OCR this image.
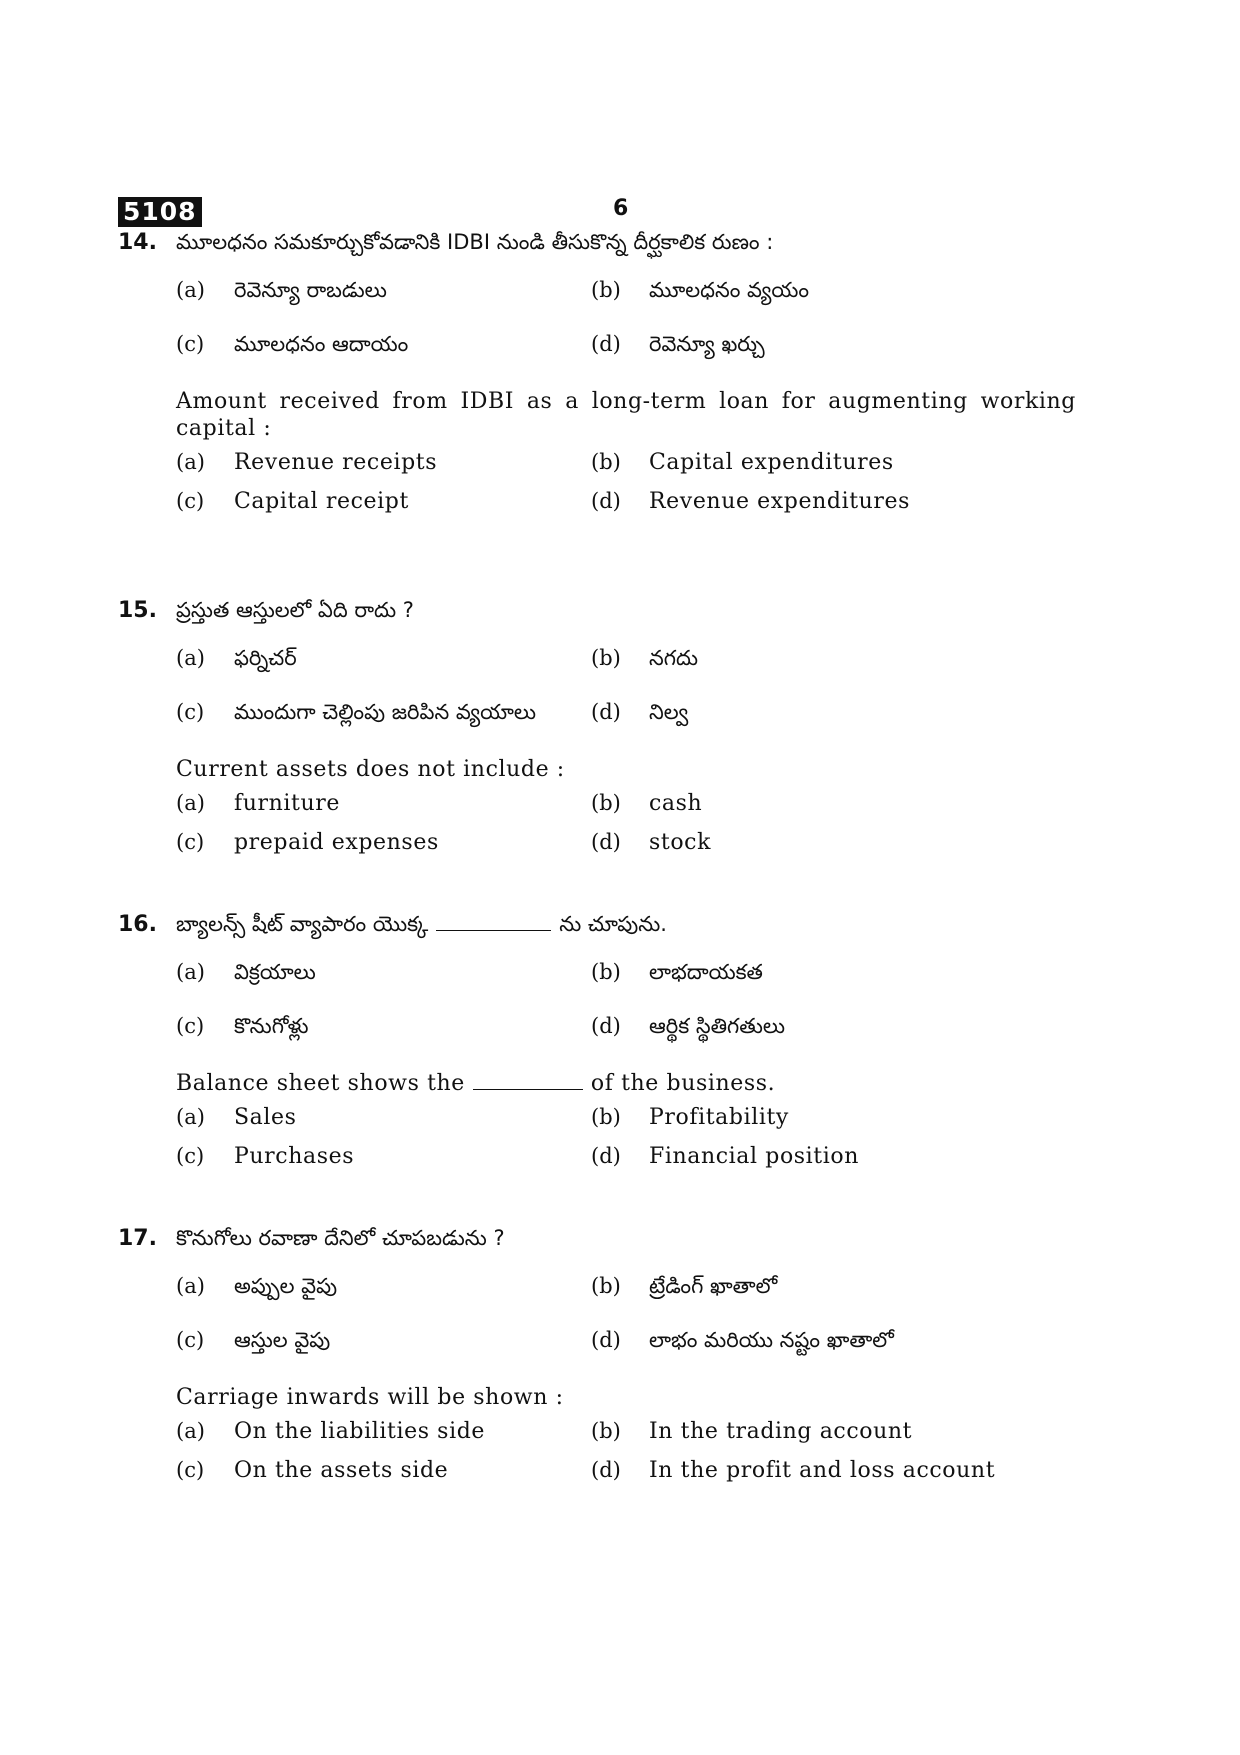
5108	6
14. మూలధనం సమకూర్చుకోవడానికి IDBI నుండి తీసుకొన్న దీర్ఘకాలిక రుణం :
(a)	రెవెన్యూ రాబడులు	(b)	మూలధనం వ్యయం
(c)	మూలధనం ఆదాయం	(d)	రెవెన్యూ ఖర్చు
Amount received from IDBI as a long-term loan for augmenting working capital :
(a)	Revenue receipts	(b)	Capital expenditures
(c)	Capital receipt	(d)	Revenue expenditures
15. ప్రస్తుత ఆస్తులలో ఏది రాదు ?
(a)	ఫర్నిచర్	(b)	నగదు
(c)	ముందుగా చెల్లింపు జరిపిన వ్యయాలు	(d)	నిల్వ
Current assets does not include :
(a)	furniture	(b)	cash
(c)	prepaid expenses	(d)	stock
16. బ్యాలన్స్ షీట్ వ్యాపారం యొక్క	ను చూపును.
(a)	విక్రయాలు	(b)	లాభదాయకత
(c)	కొనుగోళ్లు	(d)	ఆర్థిక స్థితిగతులు
Balance sheet shows the	of the business.
(a)	Sales	(b)	Profitability
(c)	Purchases	(d)	Financial position
17. కొనుగోలు రవాణా దేనిలో చూపబడును ?
(a)	అప్పుల వైపు	(b)	ట్రేడింగ్ ఖాతాలో
(c)	ఆస్తుల వైపు	(d)	లాభం మరియు నష్టం ఖాతాలో
Carriage inwards will be shown :
(a)	On the liabilities side	(b)	In the trading account
(c)	On the assets side	(d)	In the profit and loss account
